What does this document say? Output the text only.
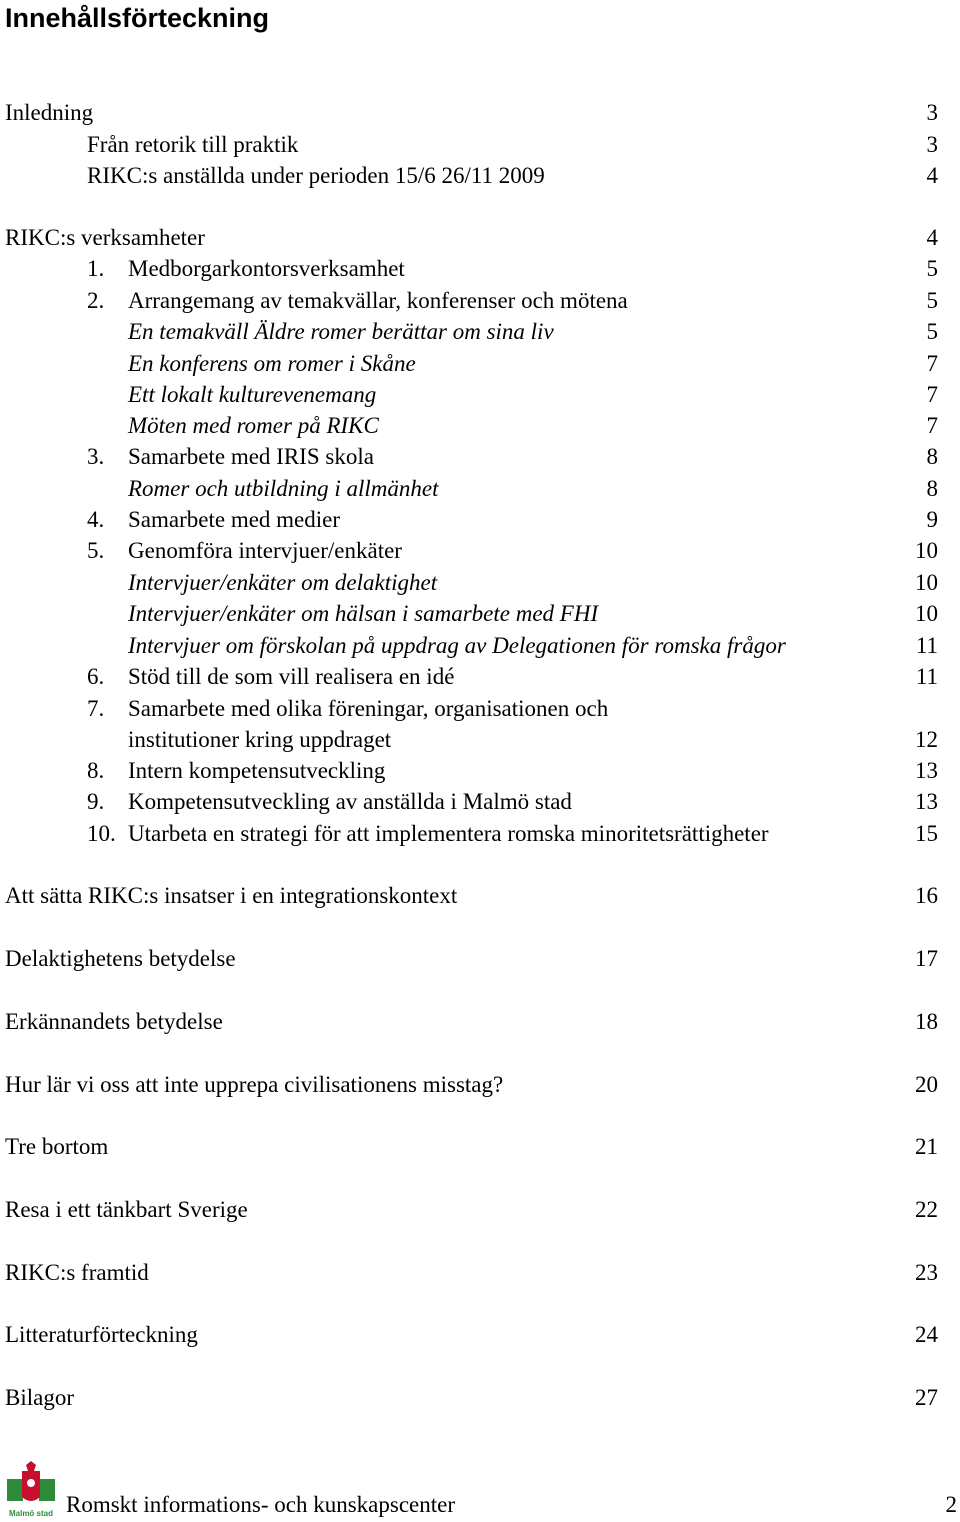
Innehållsförteckning
Inledning	3
Från retorik till praktik	3
RIKC:s anställda under perioden 15/6 26/11 2009	4
RIKC:s verksamheter	4
1. Medborgarkontorsverksamhet	5
2. Arrangemang av temakvällar, konferenser och mötena	5
En temakväll Äldre romer berättar om sina liv	5
En konferens om romer i Skåne	7
Ett lokalt kulturevenemang	7
Möten med romer på RIKC	7
3. Samarbete med IRIS skola	8
Romer och utbildning i allmänhet	8
4. Samarbete med medier	9
5. Genomföra intervjuer/enkäter	10
Intervjuer/enkäter om delaktighet	10
Intervjuer/enkäter om hälsan i samarbete med FHI	10
Intervjuer om förskolan på uppdrag av Delegationen för romska frågor	11
6. Stöd till de som vill realisera en idé	11
7. Samarbete med olika föreningar, organisationen och
institutioner kring uppdraget	12
8. Intern kompetensutveckling	13
9. Kompetensutveckling av anställda i Malmö stad	13
10. Utarbeta en strategi för att implementera romska minoritetsrättigheter	15
Att sätta RIKC:s insatser i en integrationskontext	16
Delaktighetens betydelse	17
Erkännandets betydelse	18
Hur lär vi oss att inte upprepa civilisationens misstag?	20
Tre bortom	21
Resa i ett tänkbart Sverige	22
RIKC:s framtid	23
Litteraturförteckning	24
Bilagor	27
Malmö stad Romskt informations- och kunskapscenter	2
